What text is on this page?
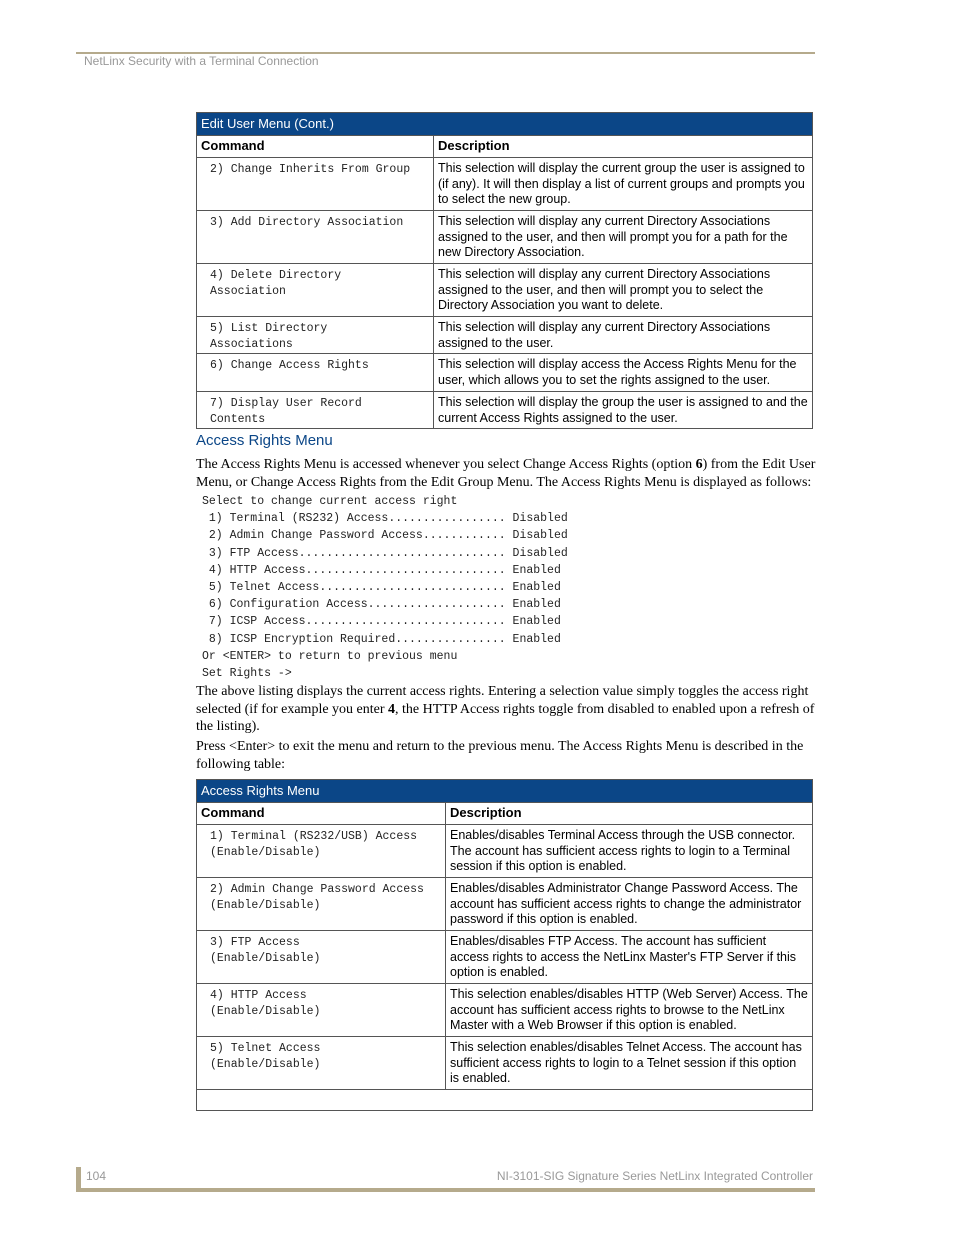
NetLinx Security with a Terminal Connection
Edit User Menu (Cont.)	
Command	Description
2) Change Inherits From Group	This selection will display the current group the user is assigned to (if any). It will then display a list of current groups and prompts you to select the new group.
3) Add Directory Association	This selection will display any current Directory Associations assigned to the user, and then will prompt you for a path for the new Directory Association.
4) Delete Directory
Association	This selection will display any current Directory Associations assigned to the user, and then will prompt you to select the Directory Association you want to delete.
5) List Directory
Associations	This selection will display any current Directory Associations assigned to the user.
6) Change Access Rights	This selection will display access the Access Rights Menu for the user, which allows you to set the rights assigned to the user.
7) Display User Record
Contents	This selection will display the group the user is assigned to and the current Access Rights assigned to the user.
Access Rights Menu
The Access Rights Menu is accessed whenever you select Change Access Rights (option 6) from the Edit User Menu, or Change Access Rights from the Edit Group Menu. The Access Rights Menu is displayed as follows:
Select to change current access right
1) Terminal (RS232) Access................. Disabled
2) Admin Change Password Access............ Disabled
3) FTP Access.............................. Disabled
4) HTTP Access............................. Enabled
5) Telnet Access........................... Enabled
6) Configuration Access.................... Enabled
7) ICSP Access............................. Enabled
8) ICSP Encryption Required................ Enabled
Or <ENTER> to return to previous menu
Set Rights ->
The above listing displays the current access rights. Entering a selection value simply toggles the access right selected (if for example you enter 4, the HTTP Access rights toggle from disabled to enabled upon a refresh of the listing).
Press <Enter> to exit the menu and return to the previous menu. The Access Rights Menu is described in the following table:
Access Rights Menu	
Command	Description
1) Terminal (RS232/USB) Access
(Enable/Disable)	Enables/disables Terminal Access through the USB connector. The account has sufficient access rights to login to a Terminal session if this option is enabled.
2) Admin Change Password Access
(Enable/Disable)	Enables/disables Administrator Change Password Access. The account has sufficient access rights to change the administrator password if this option is enabled.
3) FTP Access
(Enable/Disable)	Enables/disables FTP Access. The account has sufficient access rights to access the NetLinx Master's FTP Server if this option is enabled.
4) HTTP Access
(Enable/Disable)	This selection enables/disables HTTP (Web Server) Access. The account has sufficient access rights to browse to the NetLinx Master with a Web Browser if this option is enabled.
5) Telnet Access
(Enable/Disable)	This selection enables/disables Telnet Access. The account has sufficient access rights to login to a Telnet session if this option is enabled.

104	NI-3101-SIG Signature Series NetLinx Integrated Controller
